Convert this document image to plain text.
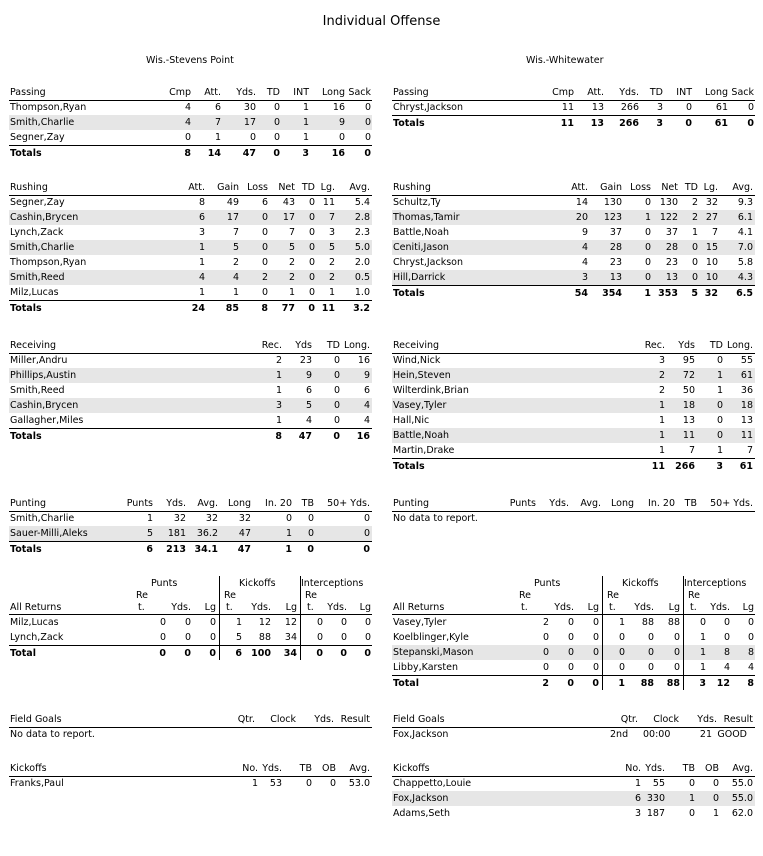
Individual Offense
Wis.-Stevens Point	Wis.-Whitewater
Passing	Cmp Att. Yds. TD INT Long Sack
Thompson,Ryan	4	6 30 0 1	16 0
Smith,Charlie	4	7 17 0 1	9 0
Segner,Zay	0	1	0 0 1	0 0
Totals	8 14 47 0 3 16 0
Rushing	Att. Gain Loss Net TD Lg. Avg.
Segner,Zay	8 49 6 43 0 11 5.4
Cashin,Brycen	6 17 0 17 0 7 2.8
Lynch,Zack	3	7 0 7 0 3 2.3
Smith,Charlie	1	5 0 5 0 5 5.0
Thompson,Ryan	1	2 0 2 0 2 2.0
Smith,Reed	4	4 2 2 0 2 0.5
Milz,Lucas	1	1 0 1 0 1 1.0
Totals	24 85 8 77 0 11 3.2
Receiving	Rec. Yds TD Long.
Miller,Andru	2 23 0 16
Phillips,Austin	1	9 0	9
Smith,Reed	1	6 0	6
Cashin,Brycen	3	5 0	4
Gallagher,Miles	1	4 0	4
Totals	8 47 0 16
Punting	Punts Yds. Avg. Long In. 20 TB 50+ Yds.
Smith,Charlie	1 32 32 32	0 0	0
Sauer-Milli,Aleks	5 181 36.2 47	1 0	0
Totals	6 213 34.1 47	1 0	0
Punts	Kickoffs	Interceptions
All Returns
Re
t.	Yds. Lg
Re
t. Yds. Lg
Re
t. Yds. Lg
Milz,Lucas	0 0 0 1 12 12 0 0 0
Lynch,Zack	0 0 0 5 88 34 0 0 0
Total	0 0 0 6 100 34 0 0 0
Field Goals	Qtr. Clock Yds. Result
No data to report.
Kickoffs	No. Yds. TB OB Avg.
Franks,Paul	1 53	0 0 53.0
Passing	Cmp Att. Yds. TD INT Long Sack
Chryst,Jackson	11 13 266 3 0	61 0
Totals	11 13 266 3 0 61 0
Rushing	Att. Gain Loss Net TD Lg. Avg.
Schultz,Ty	14 130 0 130 2 32 9.3
Thomas,Tamir	20 123 1 122 2 27 6.1
Battle,Noah	9 37 0 37 1 7 4.1
Ceniti,Jason	4 28 0 28 0 15 7.0
Chryst,Jackson	4 23 0 23 0 10 5.8
Hill,Darrick	3 13 0 13 0 10 4.3
Totals	54 354 1 353 5 32 6.5
Receiving	Rec. Yds TD Long.
Wind,Nick	3 95 0 55
Hein,Steven	2 72 1 61
Wilterdink,Brian	2 50 1 36
Vasey,Tyler	1 18 0 18
Hall,Nic	1 13 0 13
Battle,Noah	1 11 0 11
Martin,Drake	1	7 1	7
Totals	11 266 3 61
Punting	Punts Yds. Avg. Long In. 20 TB 50+ Yds.
No data to report.
Punts	Kickoffs	Interceptions
All Returns
Re
t.	Yds. Lg
Re
t. Yds. Lg
Re
t. Yds. Lg
Vasey,Tyler	2 0 0 1 88 88 0 0 0
Koelblinger,Kyle	0 0 0 0 0 0 1 0 0
Stepanski,Mason	0 0 0 0 0 0 1 8 8
Libby,Karsten	0 0 0 0 0 0 1 4 4
Total	2 0 0 1 88 88 3 12 8
Field Goals	Qtr. Clock Yds. Result
Fox,Jackson	2nd 00:00	21 GOOD
Kickoffs	No. Yds. TB OB Avg.
Chappetto,Louie	1 55	0 0 55.0
Fox,Jackson	6 330	1 0 55.0
Adams,Seth	3 187	0 1 62.0
